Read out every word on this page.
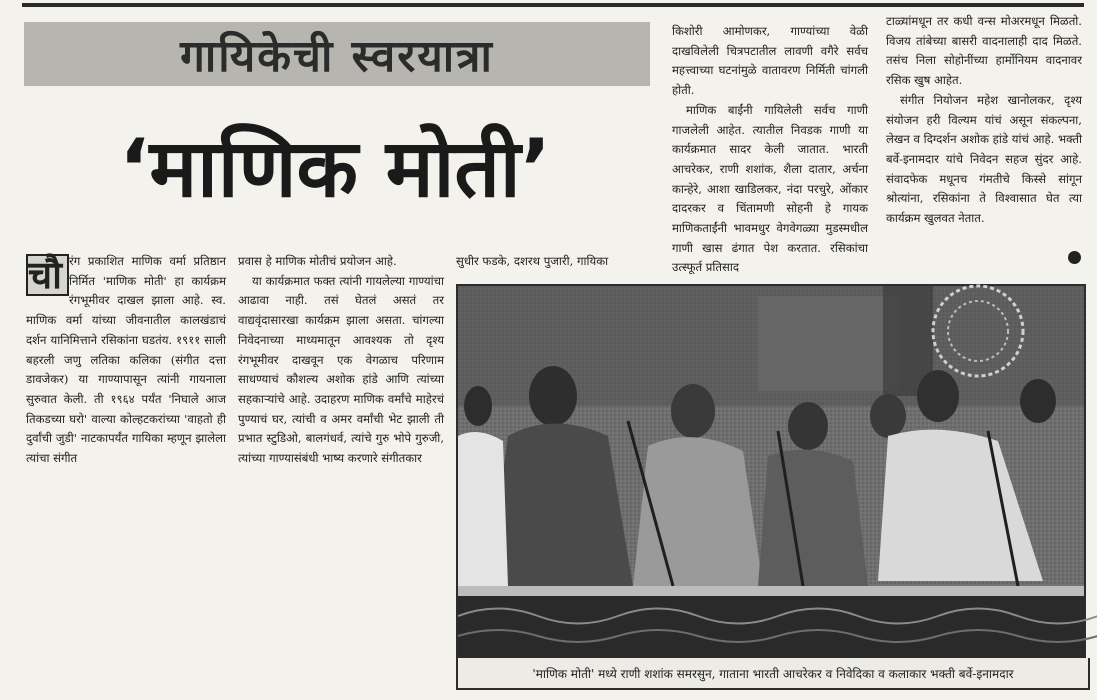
गायिकेची स्वरयात्रा
‘माणिक मोती’
चौ रंग प्रकाशित माणिक वर्मा प्रतिष्ठान निर्मित 'माणिक मोती' हा कार्यक्रम रंगभूमीवर दाखल झाला आहे. स्व. माणिक वर्मा यांच्या जीवनातील कालखंडाचं दर्शन यानिमित्ताने रसिकांना घडतंय. १९११ साली बहरली जणु लतिका कलिका (संगीत दत्ता डावजेकर) या गाण्यापासून त्यांनी गायनाला सुरुवात केली. ती १९६४ पर्यंत 'निघाले आज तिकडच्या घरो' वाल्या कोल्हटकरांच्या 'वाहतो ही दुर्वांची जुडी' नाटकापर्यंत गायिका म्हणून झालेला त्यांचा संगीत

प्रवास हे माणिक मोतीचं प्रयोजन आहे.

या कार्यक्रमात फक्त त्यांनी गायलेल्या गाण्यांचा आढावा नाही. तसं घेतलं असतं तर वाद्यवृंदासारखा कार्यक्रम झाला असता. चांगल्या निवेदनाच्या माध्यमातून आवश्यक तो दृश्य रंगभूमीवर दाखवून एक वेगळाच परिणाम साधण्याचं कौशल्य अशोक हांडे आणि त्यांच्या सहकाऱ्यांचे आहे. उदाहरण माणिक वर्मांचे माहेरचं पुण्याचं घर, त्यांची व अमर वर्मांची भेट झाली ती प्रभात स्टुडिओ, बालगंधर्व, त्यांचे गुरु भोपे गुरुजी, त्यांच्या गाण्यासंबंधी भाष्य करणारे संगीतकार

सुधीर फडके, दशरथ पुजारी, गायिका

किशोरी आमोणकर, गाण्यांच्या वेळी दाखविलेली चित्रपटातील लावणी वगैरे सर्वच महत्त्वाच्या घटनांमुळे वातावरण निर्मिती चांगली होती.

माणिक बाईंनी गायिलेली सर्वच गाणी गाजलेली आहेत. त्यातील निवडक गाणी या कार्यक्रमात सादर केली जातात. भारती आचरेकर, राणी शशांक, शैला दातार, अर्चना कान्हेरे, आशा खाडिलकर, नंदा परचुरे, ओंकार दादरकर व चिंतामणी सोहनी हे गायक माणिकताईंनी भावमधुर वेगवेगळ्या मुडस्मधील गाणी खास ढंगात पेश करतात. रसिकांचा उत्स्फूर्त प्रतिसाद

टाळ्यांमधून तर कधी वन्स मोअरमधून मिळतो. विजय तांबेच्या बासरी वादनालाही दाद मिळते. तसंच निला सोहोनींच्या हार्मोनियम वादनावर रसिक खुष आहेत.

संगीत नियोजन महेश खानोलकर, दृश्य संयोजन हरी विल्यम यांचं असून संकल्पना, लेखन व दिग्दर्शन अशोक हांडे यांचं आहे. भक्ती बर्वे-इनामदार यांचे निवेदन सहज सुंदर आहे. संवादफेक मधूनच गंमतीचे किस्से सांगून श्रोत्यांना, रसिकांना ते विश्वासात घेत त्या कार्यक्रम खुलवत नेतात.

'माणिक मोती' मध्ये राणी शशांक समरसुन, गाताना भारती आचरेकर व निवेदिका व कलाकार भक्ती बर्वे-इनामदार
